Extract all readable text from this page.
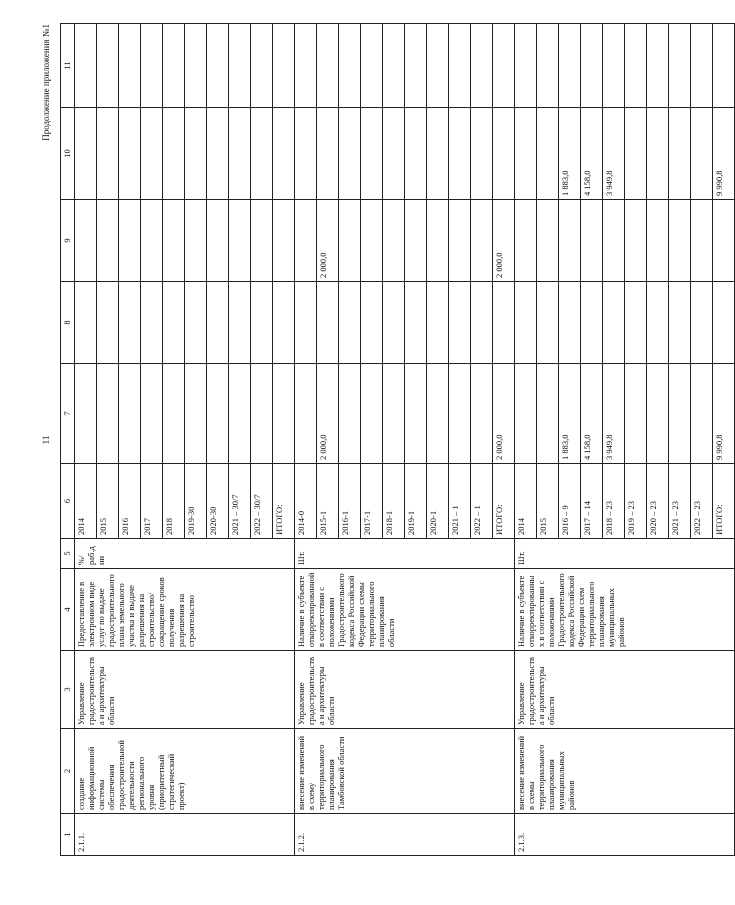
11
Продолжение приложения №1
1	2	3	4	5	6	7	8	9	10	11
2.1.1.	создание информационной системы обеспечения градостроительной деятельности регионального уровня (приоритетный стратегический проект)	Управление градостроительства и архитектуры области	Предоставление в электронном виде услуг по выдаче градостроительного плана земельного участка и выдаче разрешения на строительство/ сокращение сроков получения разрешения на строительство	%/раб.дни	2014					
					2015					
					2016					
					2017					
					2018					
					2019-30					
					2020-30					
					2021 – 30/7					
					2022 – 30/7					
					ИТОГО:					
2.1.2.	внесение изменений в схему территориального планирования Тамбовской области	Управление градостроительства и архитектуры области	Наличие в субъекте откорректированной в соответствии с положениями Градостроительного кодекса Российской Федерации схемы территориального планирования области	Шт.	2014-0					
					2015-1	2 000,0		2 000,0		
					2016-1					
					2017-1					
					2018-1					
					2019-1					
					2020-1					
					2021 – 1					
					2022 – 1					
					ИТОГО:	2 000,0		2 000,0		
2.1.3.	внесение изменений в схемы территориального планирования муниципальных районов	Управление градостроительства и архитектуры области	Наличие в субъекте откорректированных в соответствии с положениями Градостроительного кодекса Российской Федерации схем территориального планирования муниципальных районов	Шт.	2014					
					2015					
					2016 – 9	1 883,0			1 883,0	
					2017 – 14	4 158,0			4 158,0	
					2018 – 23	3 949,8			3 949,8	
					2019 – 23					
					2020 – 23					
					2021 – 23					
					2022 – 23					
					ИТОГО:	9 990,8			9 990,8	
